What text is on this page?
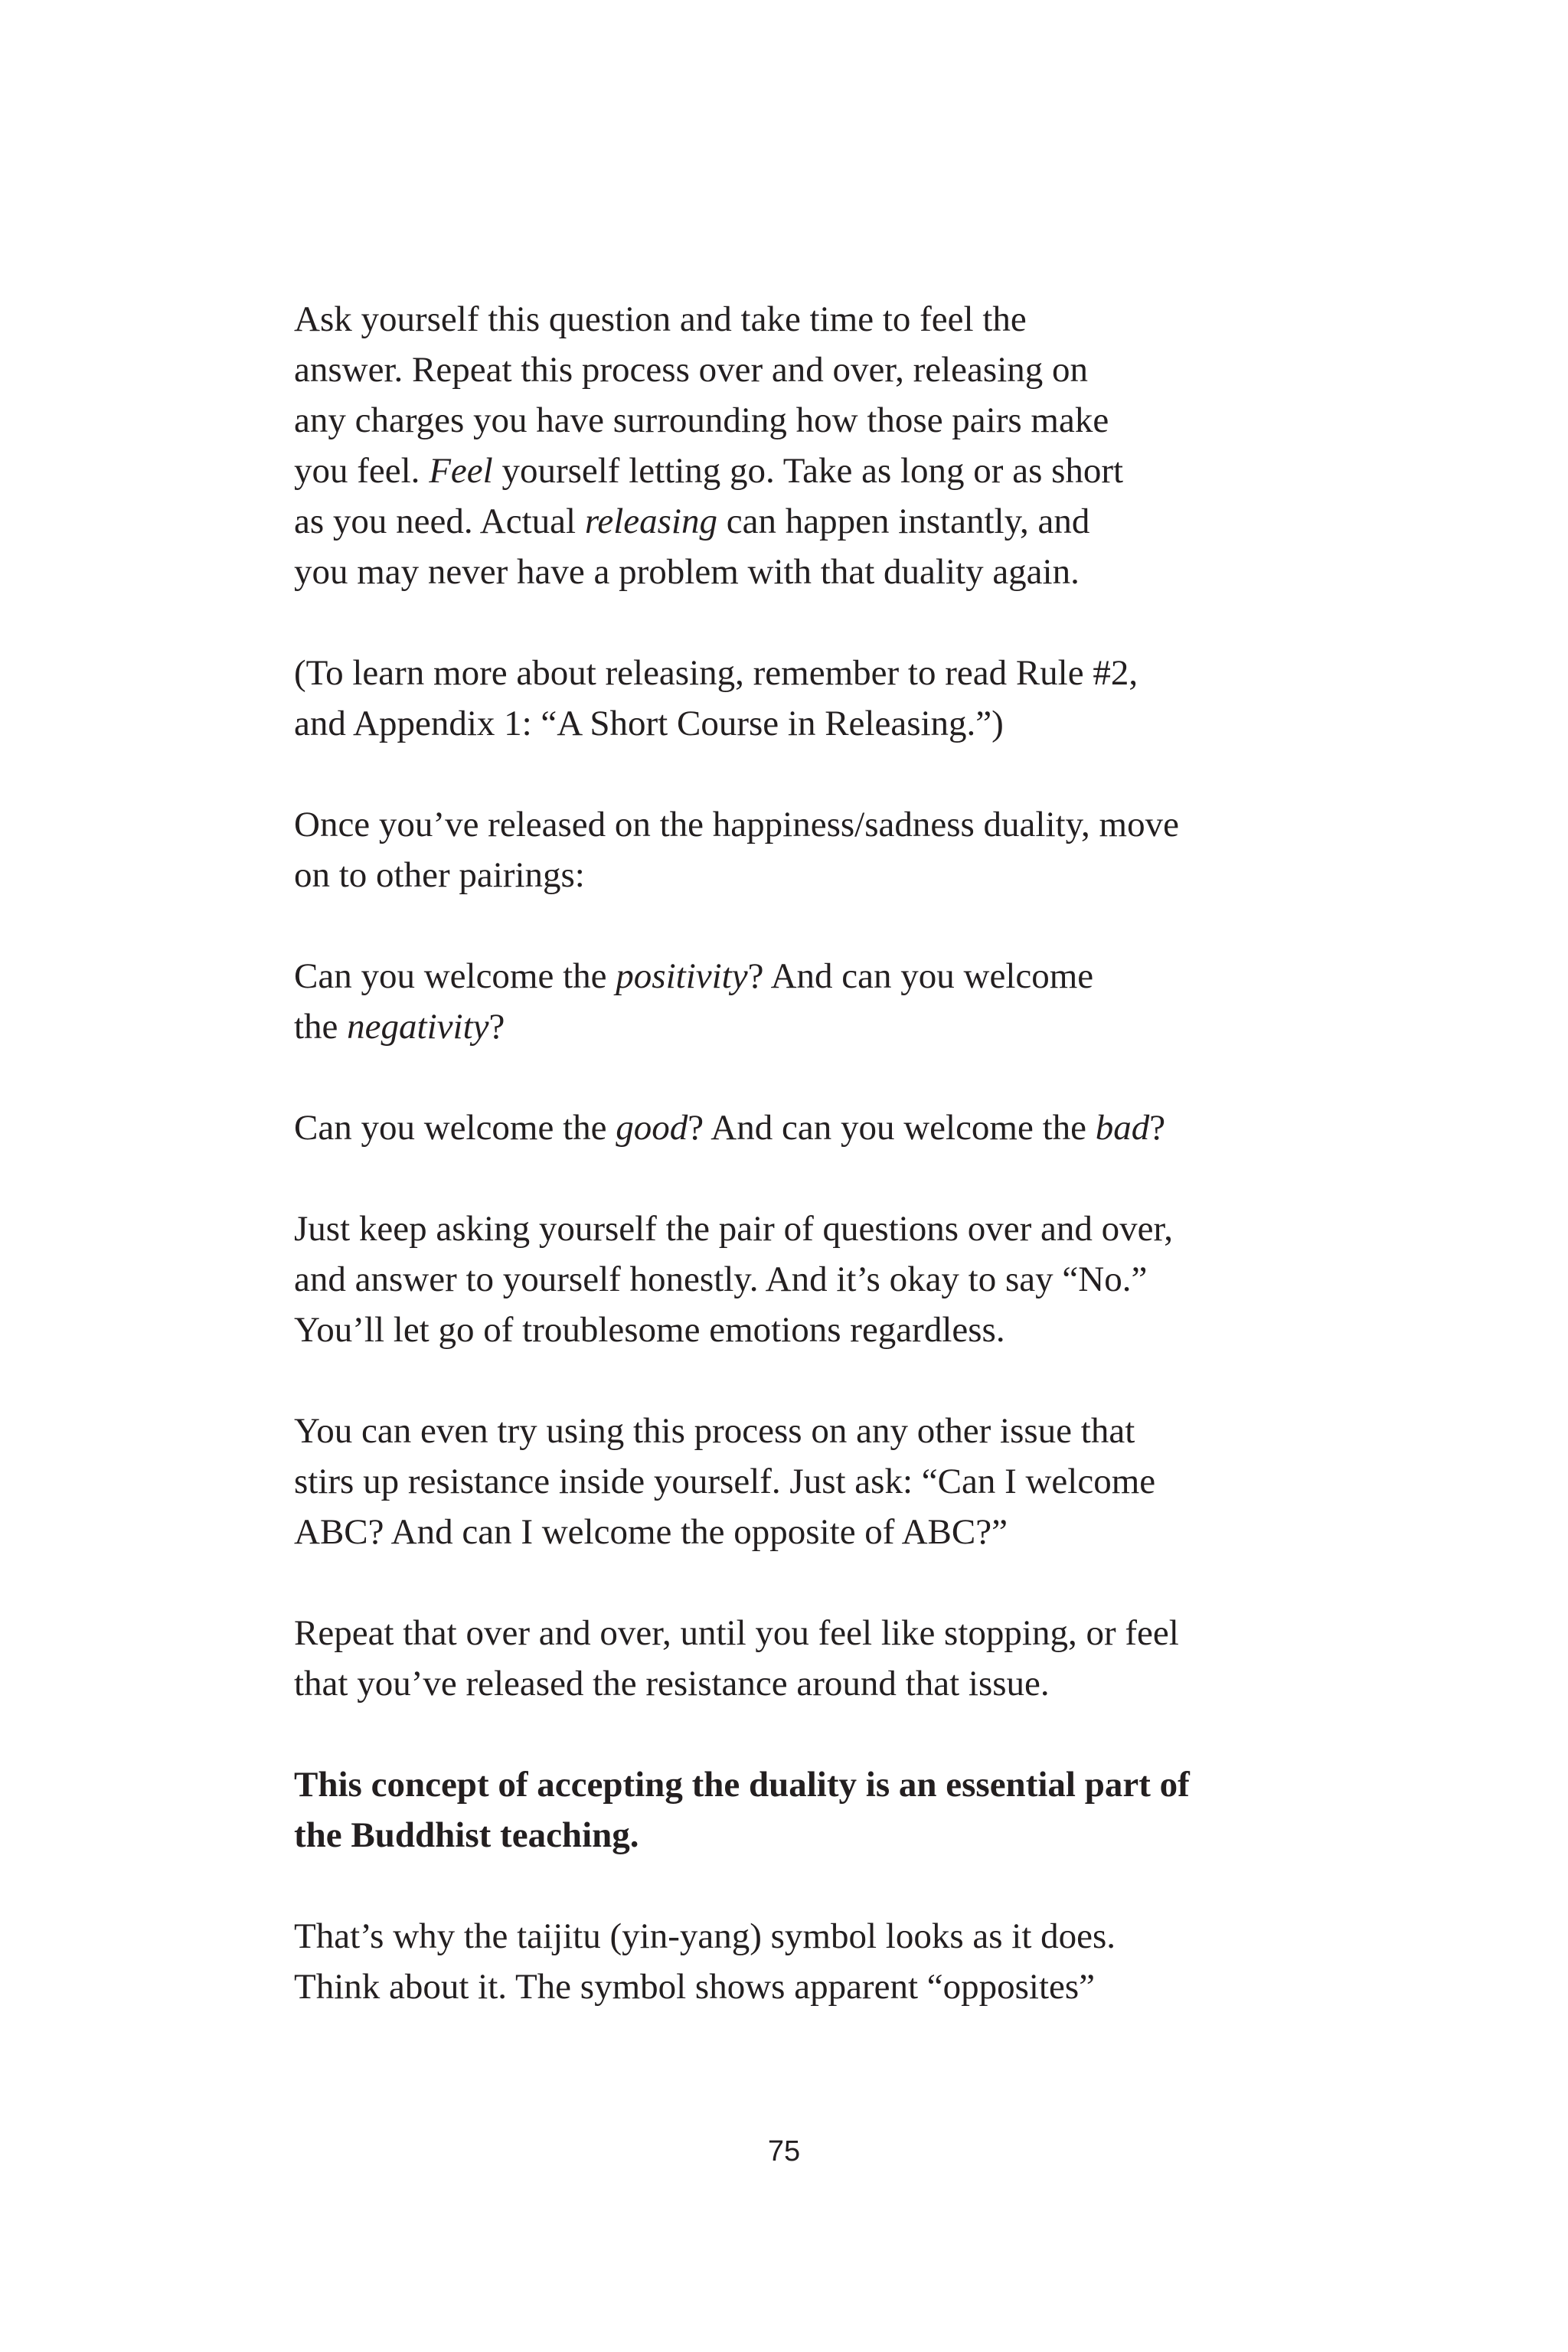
Ask yourself this question and take time to feel the
answer. Repeat this process over and over, releasing on
any charges you have surrounding how those pairs make
you feel. Feel yourself letting go. Take as long or as short
as you need. Actual releasing can happen instantly, and
you may never have a problem with that duality again.

(To learn more about releasing, remember to read Rule #2,
and Appendix 1: “A Short Course in Releasing.”)

Once you’ve released on the happiness/sadness duality, move
on to other pairings:

Can you welcome the positivity? And can you welcome
the negativity?

Can you welcome the good? And can you welcome the bad?

Just keep asking yourself the pair of questions over and over,
and answer to yourself honestly. And it’s okay to say “No.”
You’ll let go of troublesome emotions regardless.

You can even try using this process on any other issue that
stirs up resistance inside yourself. Just ask: “Can I welcome
ABC? And can I welcome the opposite of ABC?”

Repeat that over and over, until you feel like stopping, or feel
that you’ve released the resistance around that issue.

This concept of accepting the duality is an essential part of
the Buddhist teaching.

That’s why the taijitu (yin-yang) symbol looks as it does.
Think about it. The symbol shows apparent “opposites”

75
